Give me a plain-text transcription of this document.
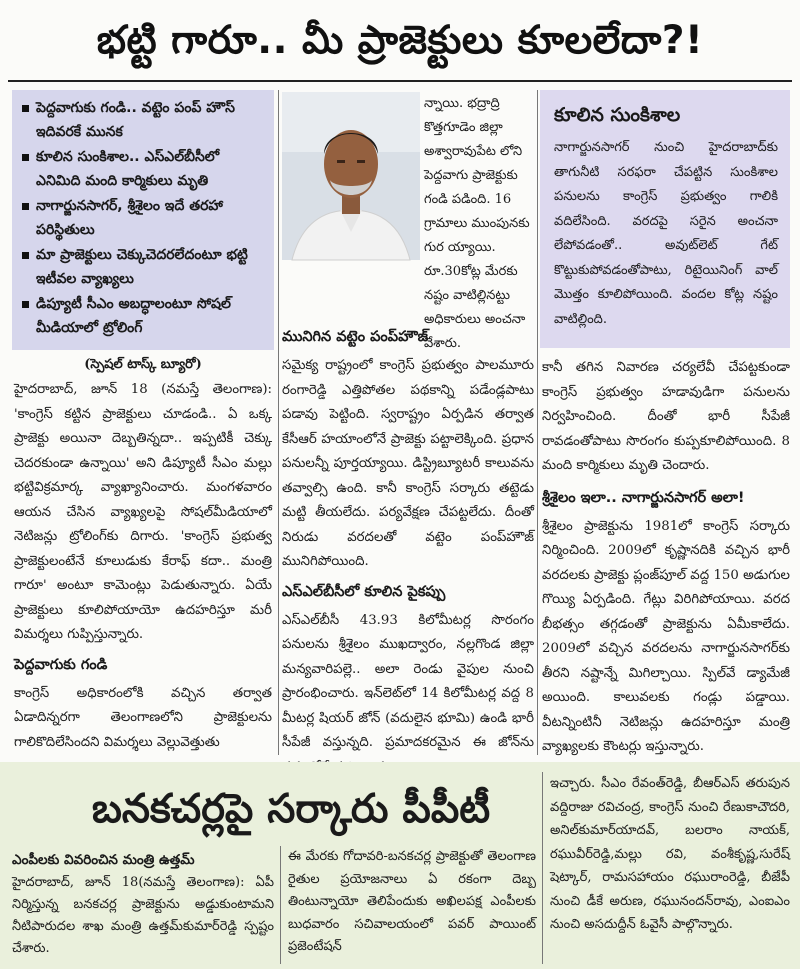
భట్టి గారూ.. మీ ప్రాజెక్టులు కూలలేదా?!
పెద్దవాగుకు గండి.. వట్టెం పంప్ హౌస్ ఇదివరకే మునక
కూలిన సుంకిశాల.. ఎస్ఎల్‌బీసీలో ఎనిమిది మంది కార్మికులు మృతి
నాగార్జునసాగర్, శ్రీశైలం ఇదే తరహా పరిస్థితులు
మా ప్రాజెక్టులు చెక్కుచెదరలేదంటూ భట్టి ఇటీవల వ్యాఖ్యలు
డిప్యూటీ సీఎం అబద్ధాలంటూ సోషల్ మీడియాలో ట్రోలింగ్
(స్పెషల్ టాస్క్ బ్యూరో)

హైదరాబాద్, జూన్ 18 (నమస్తే తెలంగాణ): 'కాంగ్రెస్ కట్టిన ప్రాజెక్టులు చూడండి.. ఏ ఒక్క ప్రాజెక్టు అయినా దెబ్బతిన్నదా.. ఇప్పటికీ చెక్కు చెదరకుండా ఉన్నాయి' అని డిప్యూటీ సీఎం మల్లు భట్టివిక్రమార్క వ్యాఖ్యానించారు. మంగళవారం ఆయన చేసిన వ్యాఖ్యలపై సోషల్‌మీడియాలో నెటిజన్లు ట్రోలింగ్‌కు దిగారు. 'కాంగ్రెస్ ప్రభుత్వ ప్రాజెక్టులంటేనే కూలుడుకు కేరాఫ్ కదా.. మంత్రి గారూ' అంటూ కామెంట్లు పెడుతున్నారు. ఏయే ప్రాజెక్టులు కూలిపోయాయో ఉదహరిస్తూ మరీ విమర్శలు గుప్పిస్తున్నారు.

పెద్దవాగుకు గండి

కాంగ్రెస్ అధికారంలోకి వచ్చిన తర్వాత ఏడాదిన్నరగా తెలంగాణలోని ప్రాజెక్టులను గాలికొదిలేసిందని విమర్శలు వెల్లువెత్తుతు

న్నాయి. భద్రాద్రి కొత్తగూడెం జిల్లా అశ్వారావుపేట లోని పెద్దవాగు ప్రాజెక్టుకు గండి పడింది. 16 గ్రామాలు ముంపునకు గుర య్యాయి. రూ.30కోట్ల మేరకు నష్టం వాటిల్లినట్టు అధికారులు అంచనా వేశారు.

మునిగిన వట్టెం పంప్‌హౌజ్

సమైక్య రాష్ట్రంలో కాంగ్రెస్ ప్రభుత్వం పాలమూరు రంగారెడ్డి ఎత్తిపోతల పథకాన్ని పడేండ్లపాటు పడావు పెట్టింది. స్వరాష్ట్రం ఏర్పడిన తర్వాత కేసీఆర్ హయాంలోనే ప్రాజెక్టు పట్టాలెక్కింది. ప్రధాన పనులన్నీ పూర్తయ్యాయి. డిస్ట్రిబ్యూటరీ కాలువను తవ్వాల్సి ఉంది. కానీ కాంగ్రెస్ సర్కారు తట్టెడు మట్టి తీయలేదు. పర్యవేక్షణ చేపట్టలేదు. దీంతో నిరుడు వరదలతో వట్టెం పంప్‌హౌజ్ మునిగిపోయింది.

ఎస్ఎల్‌బీసీలో కూలిన పైకప్పు

ఎస్ఎల్‌బీసీ 43.93 కిలోమీటర్ల సొరంగం పనులను శ్రీశైలం ముఖద్వారం, నల్లగొండ జిల్లా మన్యవారిపల్లె.. అలా రెండు వైపుల నుంచి ప్రారంభించారు. ఇన్‌లెట్‌లో 14 కిలోమీటర్ల వద్ద 8 మీటర్ల షియర్ జోన్ (వదులైన భూమి) ఉండి భారీ సీపేజీ వస్తున్నది. ప్రమాదకరమైన ఈ జోన్‌ను

కూలిన సుంకిశాల
నాగార్జునసాగర్ నుంచి హైదరాబాద్‌కు తాగునీటి సరఫరా చేపట్టిన సుంకిశాల పనులను కాంగ్రెస్ ప్రభుత్వం గాలికి వదిలేసింది. వరదపై సరైన అంచనా లేపోవడంతో.. అవుట్‌లెట్ గేట్ కొట్టుకుపోవడంతోపాటు, రిటైయినింగ్ వాల్ మొత్తం కూలిపోయింది. వందల కోట్ల నష్టం వాటిల్లింది.

కానీ తగిన నివారణ చర్యలేవీ చేపట్టకుండా కాంగ్రెస్ ప్రభుత్వం హడావుడిగా పనులను నిర్వహించింది. దీంతో భారీ సీపేజీ రావడంతోపాటు సొరంగం కుప్పకూలిపోయింది. 8 మంది కార్మికులు మృతి చెందారు.

శ్రీశైలం ఇలా.. నాగార్జునసాగర్ అలా!

శ్రీశైలం ప్రాజెక్టును 1981లో కాంగ్రెస్ సర్కారు నిర్మించింది. 2009లో కృష్ణానదికి వచ్చిన భారీ వరదలకు ప్రాజెక్టు ప్లంజ్‌పూల్ వద్ద 150 అడుగుల గొయ్యి ఏర్పడింది. గేట్లు విరిగిపోయాయి. వరద బీభత్సం తగ్గడంతో ప్రాజెక్టును ఏమీకాలేదు. 2009లో వచ్చిన వరదలను నాగార్జునసాగర్‌కు తీరని నష్టాన్నే మిగిల్చాయి. స్పిల్‌వే డ్యామేజీ అయింది. కాలువలకు గండ్లు పడ్డాయి. వీటన్నింటినీ నెటిజన్లు ఉదహరిస్తూ మంత్రి వ్యాఖ్యలకు కౌంటర్లు ఇస్తున్నారు.

బనకచర్లపై సర్కారు పీపీటీ
ఎంపీలకు వివరించిన మంత్రి ఉత్తమ్

హైదరాబాద్, జూన్ 18(నమస్తే తెలంగాణ): ఏపీ నిర్మిస్తున్న బనకచర్ల ప్రాజెక్టును అడ్డుకుంటామని నీటిపారుదల శాఖ మంత్రి ఉత్తమ్‌కుమార్‌రెడ్డి స్పష్టం చేశారు.

ఈ మేరకు గోదావరి-బనకచర్ల ప్రాజెక్టుతో తెలంగాణ రైతుల ప్రయోజనాలు ఏ రకంగా దెబ్బ తింటున్నాయో తెలిపేందుకు అఖిలపక్ష ఎంపీలకు బుధవారం సచివాలయంలో పవర్ పాయింట్ ప్రజెంటేషన్

ఇచ్చారు. సీఎం రేవంత్‌రెడ్డి, బీఆర్‌ఎస్ తరుపున వద్దిరాజు రవిచంద్ర, కాంగ్రెస్ నుంచి రేణుకాచౌదరి, అనిల్‌కుమార్‌యాదవ్, బలరాం నాయక్, రఘువీర్‌రెడ్డి,మల్లు రవి, వంశీకృష్ణ,సురేష్ షెట్కార్, రామసహాయం రఘురాంరెడ్డి, బీజేపీ నుంచి డీకే అరుణ, రఘునందన్‌రావు, ఎంఐఎం నుంచి అసదుద్దీన్ ఓవైసీ పాల్గొన్నారు.
